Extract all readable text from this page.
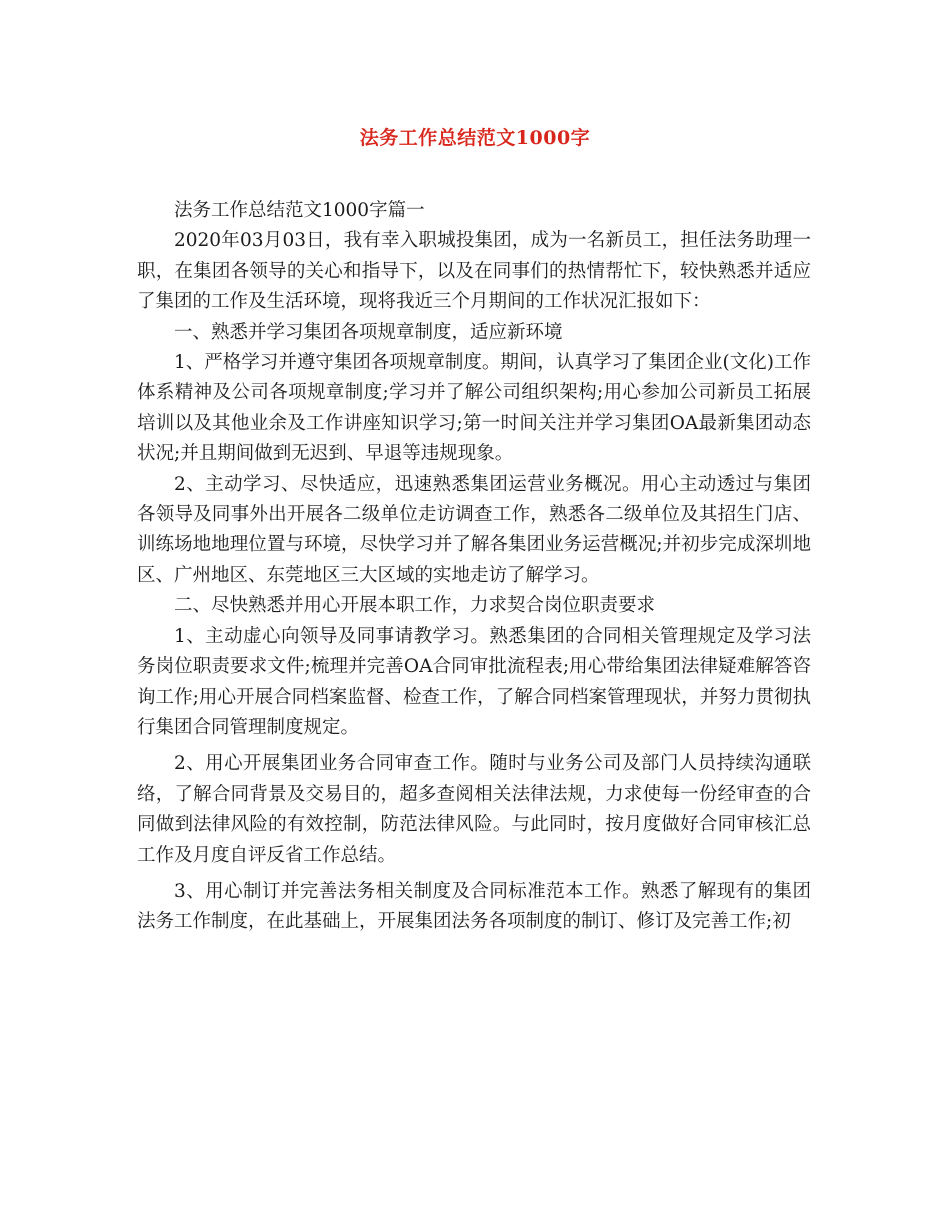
法务工作总结范文1000字

法务工作总结范文1000字篇一

2020年03月03日，我有幸入职城投集团，成为一名新员工，担任法务助理一职，在集团各领导的关心和指导下，以及在同事们的热情帮忙下，较快熟悉并适应了集团的工作及生活环境，现将我近三个月期间的工作状况汇报如下：

一、熟悉并学习集团各项规章制度，适应新环境

1、严格学习并遵守集团各项规章制度。期间，认真学习了集团企业(文化)工作体系精神及公司各项规章制度;学习并了解公司组织架构;用心参加公司新员工拓展培训以及其他业余及工作讲座知识学习;第一时间关注并学习集团OA最新集团动态状况;并且期间做到无迟到、早退等违规现象。

2、主动学习、尽快适应，迅速熟悉集团运营业务概况。用心主动透过与集团各领导及同事外出开展各二级单位走访调查工作，熟悉各二级单位及其招生门店、训练场地地理位置与环境，尽快学习并了解各集团业务运营概况;并初步完成深圳地区、广州地区、东莞地区三大区域的实地走访了解学习。

二、尽快熟悉并用心开展本职工作，力求契合岗位职责要求

1、主动虚心向领导及同事请教学习。熟悉集团的合同相关管理规定及学习法务岗位职责要求文件;梳理并完善OA合同审批流程表;用心带给集团法律疑难解答咨询工作;用心开展合同档案监督、检查工作，了解合同档案管理现状，并努力贯彻执行集团合同管理制度规定。

2、用心开展集团业务合同审查工作。随时与业务公司及部门人员持续沟通联络，了解合同背景及交易目的，超多查阅相关法律法规，力求使每一份经审查的合同做到法律风险的有效控制，防范法律风险。与此同时，按月度做好合同审核汇总工作及月度自评反省工作总结。

3、用心制订并完善法务相关制度及合同标准范本工作。熟悉了解现有的集团法务工作制度，在此基础上，开展集团法务各项制度的制订、修订及完善工作;初
